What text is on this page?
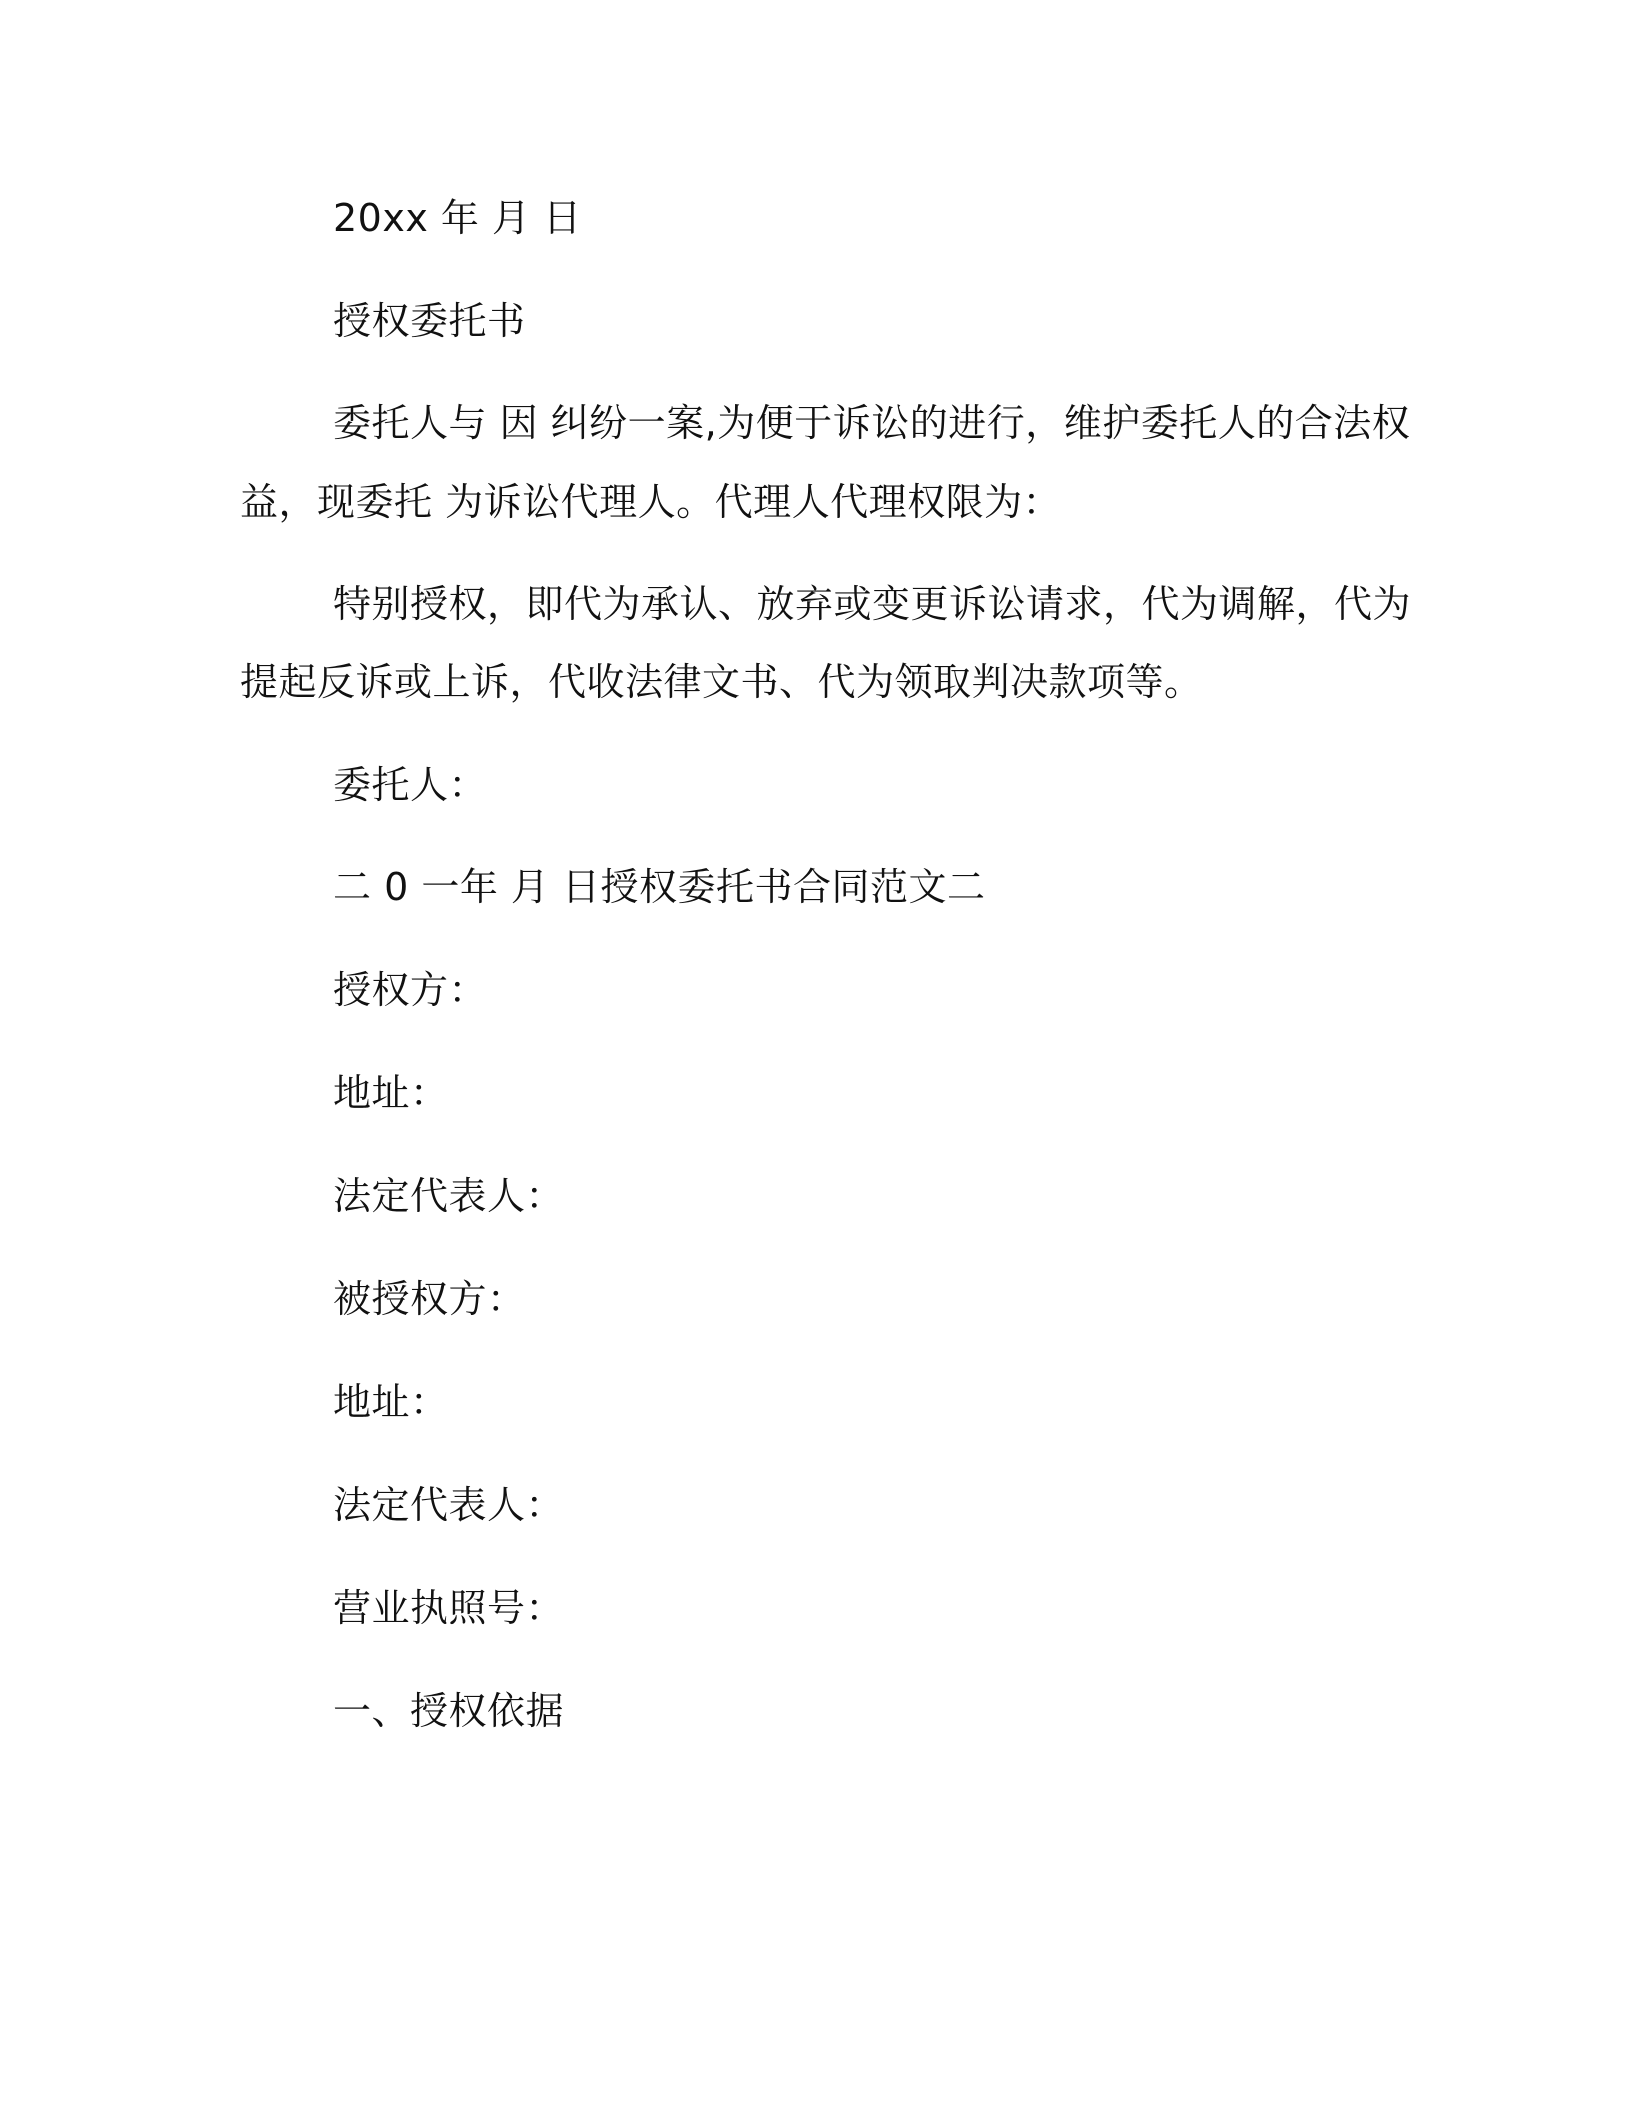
20xx 年 月 日
授权委托书
委托人与 因 纠纷一案,为便于诉讼的进行，维护委托人的合法权
益，现委托 为诉讼代理人。代理人代理权限为：
特别授权，即代为承认、放弃或变更诉讼请求，代为调解，代为
提起反诉或上诉，代收法律文书、代为领取判决款项等。
委托人：
二 0 一年 月 日授权委托书合同范文二
授权方：
地址：
法定代表人：
被授权方：
地址：
法定代表人：
营业执照号：
一、授权依据
